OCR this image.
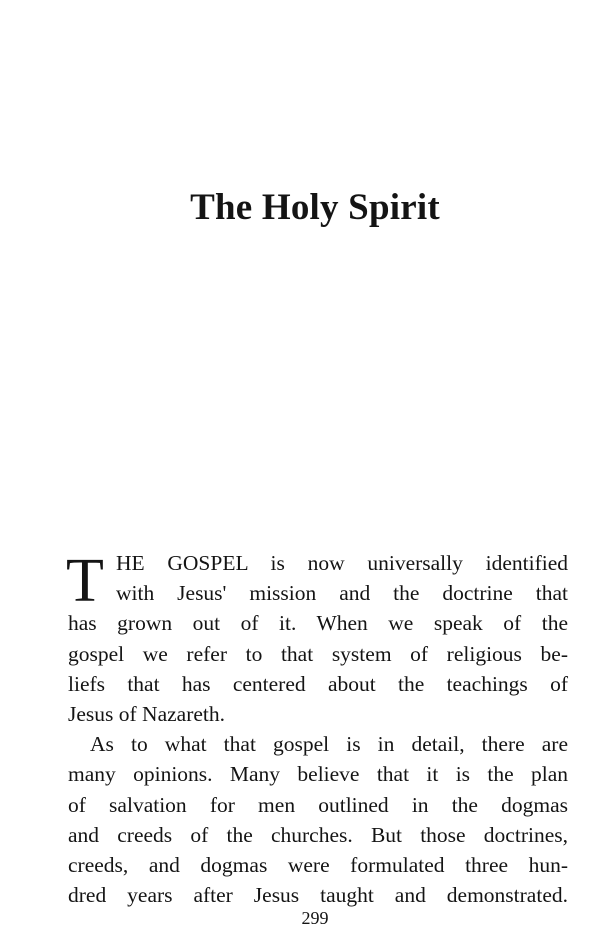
The Holy Spirit
T HE GOSPEL is now universally identified
with Jesus' mission and the doctrine that
has grown out of it. When we speak of the
gospel we refer to that system of religious be-
liefs that has centered about the teachings of
Jesus of Nazareth.
As to what that gospel is in detail, there are
many opinions. Many believe that it is the plan
of salvation for men outlined in the dogmas
and creeds of the churches. But those doctrines,
creeds, and dogmas were formulated three hun-
dred years after Jesus taught and demonstrated.
299
